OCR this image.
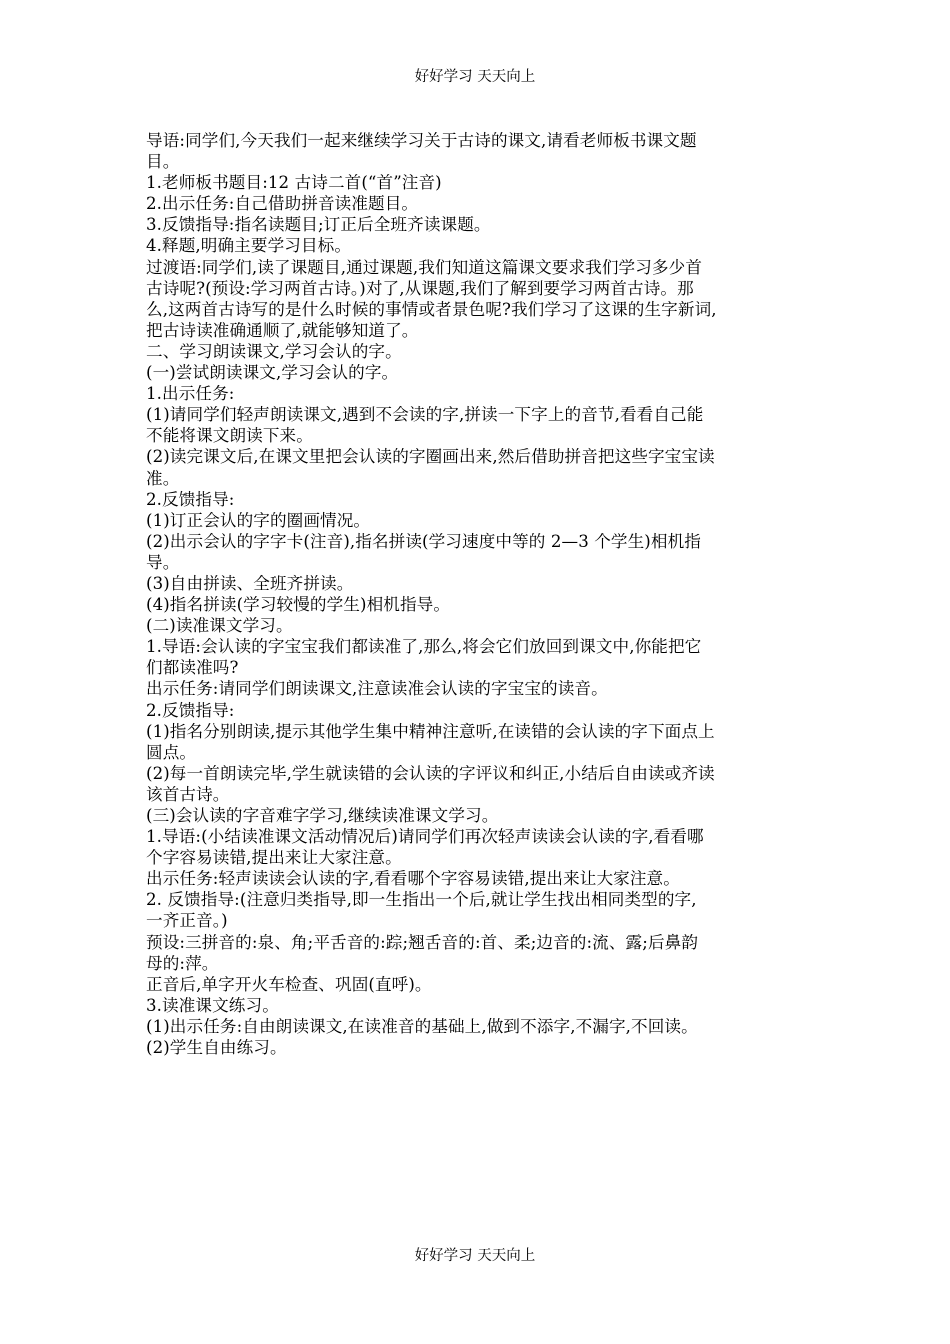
好好学习 天天向上
导语:同学们,今天我们一起来继续学习关于古诗的课文,请看老师板书课文题
目。
1.老师板书题目:12 古诗二首(“首”注音)
2.出示任务:自己借助拼音读准题目。
3.反馈指导:指名读题目;订正后全班齐读课题。
4.释题,明确主要学习目标。
过渡语:同学们,读了课题目,通过课题,我们知道这篇课文要求我们学习多少首
古诗呢?(预设:学习两首古诗。)对了,从课题,我们了解到要学习两首古诗。那
么,这两首古诗写的是什么时候的事情或者景色呢?我们学习了这课的生字新词,
把古诗读准确通顺了,就能够知道了。
二、学习朗读课文,学习会认的字。
(一)尝试朗读课文,学习会认的字。
1.出示任务:
(1)请同学们轻声朗读课文,遇到不会读的字,拼读一下字上的音节,看看自己能
不能将课文朗读下来。
(2)读完课文后,在课文里把会认读的字圈画出来,然后借助拼音把这些字宝宝读
准。
2.反馈指导:
(1)订正会认的字的圈画情况。
(2)出示会认的字字卡(注音),指名拼读(学习速度中等的 2—3 个学生)相机指
导。
(3)自由拼读、全班齐拼读。
(4)指名拼读(学习较慢的学生)相机指导。
(二)读准课文学习。
1.导语:会认读的字宝宝我们都读准了,那么,将会它们放回到课文中,你能把它
们都读准吗?
出示任务:请同学们朗读课文,注意读准会认读的字宝宝的读音。
2.反馈指导:
(1)指名分别朗读,提示其他学生集中精神注意听,在读错的会认读的字下面点上
圆点。
(2)每一首朗读完毕,学生就读错的会认读的字评议和纠正,小结后自由读或齐读
该首古诗。
(三)会认读的字音难字学习,继续读准课文学习。
1.导语:(小结读准课文活动情况后)请同学们再次轻声读读会认读的字,看看哪
个字容易读错,提出来让大家注意。
出示任务:轻声读读会认读的字,看看哪个字容易读错,提出来让大家注意。
2. 反馈指导:(注意归类指导,即一生指出一个后,就让学生找出相同类型的字,
一齐正音。)
预设:三拼音的:泉、角;平舌音的:踪;翘舌音的:首、柔;边音的:流、露;后鼻韵
母的:萍。
正音后,单字开火车检查、巩固(直呼)。
3.读准课文练习。
(1)出示任务:自由朗读课文,在读准音的基础上,做到不添字,不漏字,不回读。
(2)学生自由练习。
好好学习 天天向上
